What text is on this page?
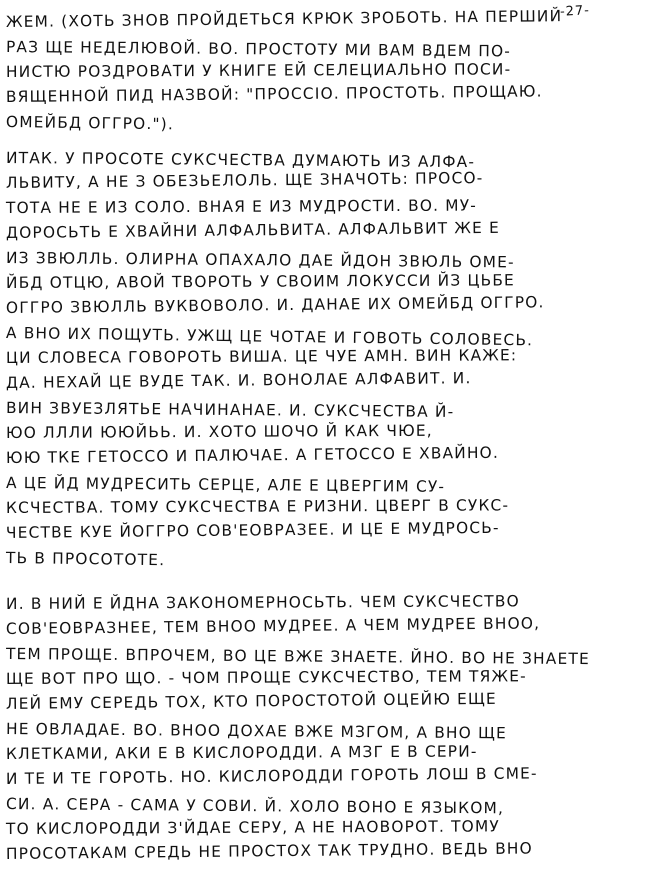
-27-
ЖЕМ. (ХОТЬ ЗНОВ ПРОЙДЕТЬСЯ КРЮК ЗРОБОТЬ. НА ПЕРШИЙ
РАЗ ЩЕ НЕДЕЛЮВОЙ. ВО. ПРОСТОТУ МИ ВАМ ВДЕМ ПО-
НИСТЮ РОЗДРОВАТИ У КНИГЕ ЕЙ СЕЛЕЦИАЛЬНО ПОСИ-
ВЯЩЕННОЙ ПИД НАЗВОЙ: "ПРОССІО. ПРОСТОТЬ. ПРОЩАЮ.
ОМЕЙБД ОГГРО.").
ИТАК. У ПРОСОТЕ СУКСЧЕСТВА ДУМАЮТЬ ИЗ АЛФА-
ЛЬВИТУ, А НЕ З ОБЕЗЬЕЛОЛЬ. ЩЕ ЗНАЧОТЬ: ПРОСО-
ТОТА НЕ Е ИЗ СОЛО. ВНАЯ Е ИЗ МУДРОСТИ. ВО. МУ-
ДОРОСЬТЬ Е ХВАЙНИ АЛФАЛЬВИТА. АЛФАЛЬВИТ ЖЕ Е
ИЗ ЗВЮЛЛЬ. ОЛИРНА ОПАХАЛО ДАЕ ЙДОН ЗВЮЛЬ ОМЕ-
ЙБД ОТЦЮ, АВОЙ ТВОРОТЬ У СВОИМ ЛОКУССИ ЙЗ ЦЬБЕ
ОГГРО ЗВЮЛЛЬ ВУКВОВОЛО. И. ДАНАЕ ИХ ОМЕЙБД ОГГРО.
А ВНО ИХ ПОЩУТЬ. УЖЩ ЦЕ ЧОТАЕ И ГОВОТЬ СОЛОВЕСЬ.
ЦИ СЛОВЕСА ГОВОРОТЬ ВИША. ЦЕ ЧУЕ АМН. ВИН КАЖЕ:
ДА. НЕХАЙ ЦЕ ВУДЕ ТАК. И. ВОНОЛАЕ АЛФАВИТ. И.
ВИН ЗВУЕЗЛЯТЬЕ НАЧИНАНАЕ. И. СУКСЧЕСТВА Й-
ЮО ЛЛЛИ ЮЮЙЬЬ. И. ХОТО ШОЧО Й КАК ЧЮЕ,
ЮЮ ТКЕ ГЕТОССО И ПАЛЮЧАЕ. А ГЕТОССО Е ХВАЙНО.
А ЦЕ ЙД МУДРЕСИТЬ СЕРЦЕ, АЛЕ Е ЦВЕРГИМ СУ-
КСЧЕСТВА. ТОМУ СУКСЧЕСТВА Е РИЗНИ. ЦВЕРГ В СУКС-
ЧЕСТВЕ КУЕ ЙОГГРО СОВ'ЕОВРАЗЕЕ. И ЦЕ Е МУДРОСЬ-
ТЬ В ПРОСОТОТЕ.
И. В НИЙ Е ЙДНА ЗАКОНОМЕРНОСЬТЬ. ЧЕМ СУКСЧЕСТВО
СОВ'ЕОВРАЗНЕЕ, ТЕМ ВНОО МУДРЕЕ. А ЧЕМ МУДРЕЕ ВНОО,
ТЕМ ПРОЩЕ. ВПРОЧЕМ, ВО ЦЕ ВЖЕ ЗНАЕТЕ. ЙНО. ВО НЕ ЗНАЕТЕ
ЩЕ ВОТ ПРО ЩО. - ЧОМ ПРОЩЕ СУКСЧЕСТВО, ТЕМ ТЯЖЕ-
ЛЕЙ ЕМУ СЕРЕДЬ ТОХ, КТО ПОРОСТОТОЙ ОЦЕЙЮ ЕЩЕ
НЕ ОВЛАДАЕ. ВО. ВНОО ДОХАЕ ВЖЕ МЗГОМ, А ВНО ЩЕ
КЛЕТКАМИ, АКИ Е В КИСЛОРОДДИ. А МЗГ Е В СЕРИ-
И ТЕ И ТЕ ГОРОТЬ. НО. КИСЛОРОДДИ ГОРОТЬ ЛОШ В СМЕ-
СИ. А. СЕРА - САМА У СОВИ. Й. ХОЛО ВОНО Е ЯЗЫКОМ,
ТО КИСЛОРОДДИ З'ЙДАЕ СЕРУ, А НЕ НАОВОРОТ. ТОМУ
ПРОСОТАКАМ СРЕДЬ НЕ ПРОСТОХ ТАК ТРУДНО. ВЕДЬ ВНО
